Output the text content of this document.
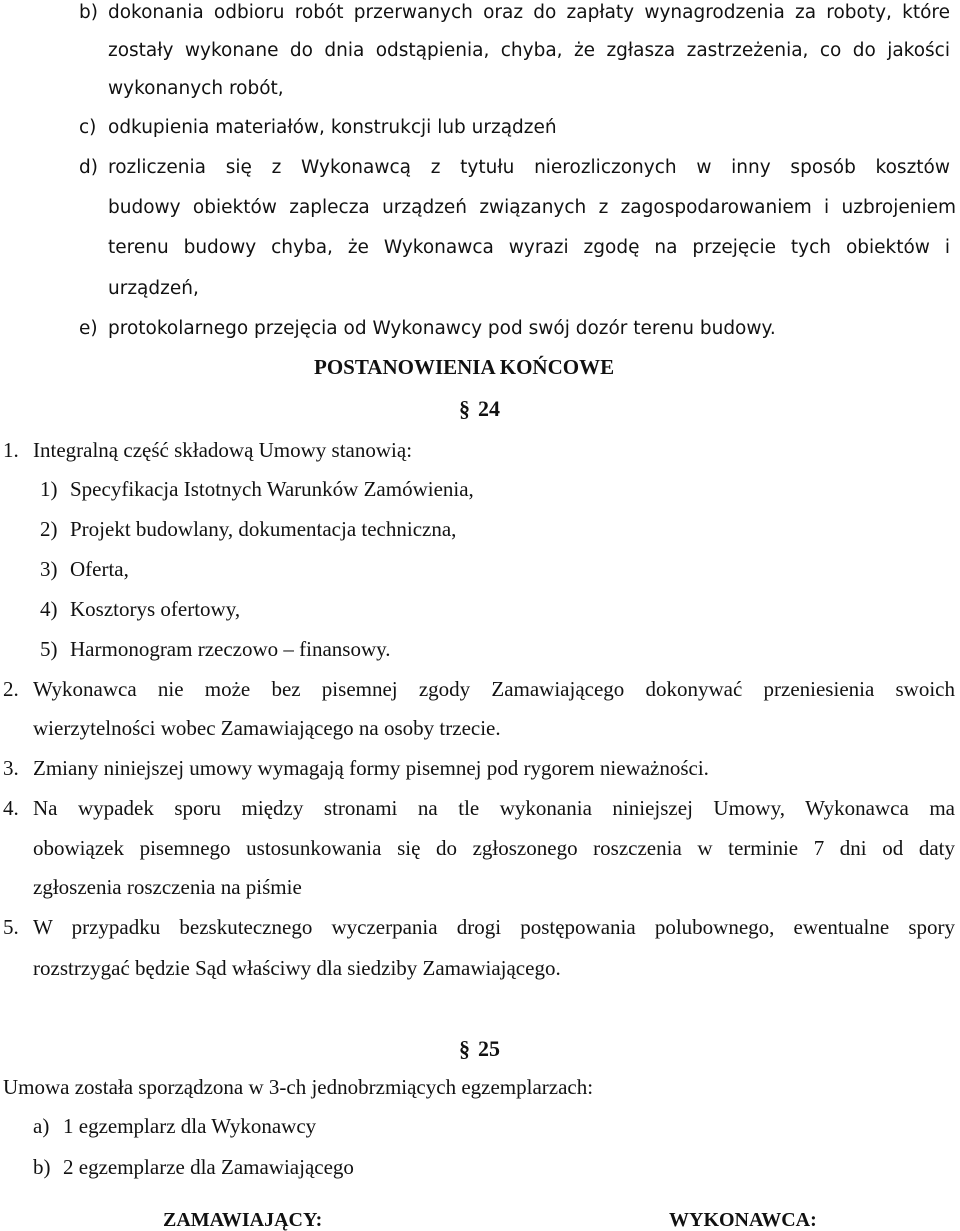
b) dokonania odbioru robót przerwanych oraz do zapłaty wynagrodzenia za roboty, które
zostały wykonane do dnia odstąpienia, chyba, że zgłasza zastrzeżenia, co do jakości
wykonanych robót,
c) odkupienia materiałów, konstrukcji lub urządzeń
d) rozliczenia się z Wykonawcą z tytułu nierozliczonych w inny sposób kosztów
budowy obiektów zaplecza urządzeń związanych z zagospodarowaniem i uzbrojeniem
terenu budowy chyba, że Wykonawca wyrazi zgodę na przejęcie tych obiektów i
urządzeń,
e) protokolarnego przejęcia od Wykonawcy pod swój dozór terenu budowy.
POSTANOWIENIA KOŃCOWE
§ 24
1. Integralną część składową Umowy stanowią:
1) Specyfikacja Istotnych Warunków Zamówienia,
2) Projekt budowlany, dokumentacja techniczna,
3) Oferta,
4) Kosztorys ofertowy,
5) Harmonogram rzeczowo – finansowy.
2. Wykonawca nie może bez pisemnej zgody Zamawiającego dokonywać przeniesienia swoich
wierzytelności wobec Zamawiającego na osoby trzecie.
3. Zmiany niniejszej umowy wymagają formy pisemnej pod rygorem nieważności.
4. Na wypadek sporu między stronami na tle wykonania niniejszej Umowy, Wykonawca ma
obowiązek pisemnego ustosunkowania się do zgłoszonego roszczenia w terminie 7 dni od daty
zgłoszenia roszczenia na piśmie
5. W przypadku bezskutecznego wyczerpania drogi postępowania polubownego, ewentualne spory
rozstrzygać będzie Sąd właściwy dla siedziby Zamawiającego.
§ 25
Umowa została sporządzona w 3-ch jednobrzmiących egzemplarzach:
a) 1 egzemplarz dla Wykonawcy
b) 2 egzemplarze dla Zamawiającego
ZAMAWIAJĄCY:	WYKONAWCA:
